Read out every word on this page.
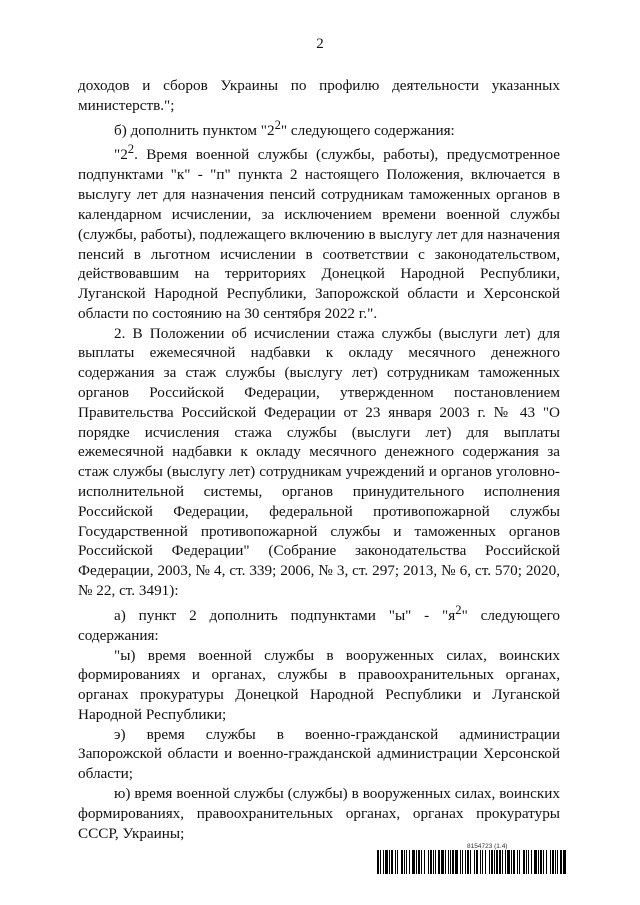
2

доходов и сборов Украины по профилю деятельности указанных министерств.";

б) дополнить пунктом "$2^2$" следующего содержания:

"$2^2$. Время военной службы (службы, работы), предусмотренное подпунктами "к" - "п" пункта 2 настоящего Положения, включается в выслугу лет для назначения пенсий сотрудникам таможенных органов в календарном исчислении, за исключением времени военной службы (службы, работы), подлежащего включению в выслугу лет для назначения пенсий в льготном исчислении в соответствии с законодательством, действовавшим на территориях Донецкой Народной Республики, Луганской Народной Республики, Запорожской области и Херсонской области по состоянию на 30 сентября 2022 г.".

2. В Положении об исчислении стажа службы (выслуги лет) для выплаты ежемесячной надбавки к окладу месячного денежного содержания за стаж службы (выслугу лет) сотрудникам таможенных органов Российской Федерации, утвержденном постановлением Правительства Российской Федерации от 23 января 2003 г. № 43 "О порядке исчисления стажа службы (выслуги лет) для выплаты ежемесячной надбавки к окладу месячного денежного содержания за стаж службы (выслугу лет) сотрудникам учреждений и органов уголовно-исполнительной системы, органов принудительного исполнения Российской Федерации, федеральной противопожарной службы Государственной противопожарной службы и таможенных органов Российской Федерации" (Собрание законодательства Российской Федерации, 2003, № 4, ст. 339; 2006, № 3, ст. 297; 2013, № 6, ст. 570; 2020, № 22, ст. 3491):

а) пункт 2 дополнить подпунктами "ы" - "$я^2$" следующего содержания:

"ы) время военной службы в вооруженных силах, воинских формированиях и органах, службы в правоохранительных органах, органах прокуратуры Донецкой Народной Республики и Луганской Народной Республики;

э) время службы в военно-гражданской администрации Запорожской области и военно-гражданской администрации Херсонской области;

ю) время военной службы (службы) в вооруженных силах, воинских формированиях, правоохранительных органах, органах прокуратуры СССР, Украины;

8154723 (1.4)
